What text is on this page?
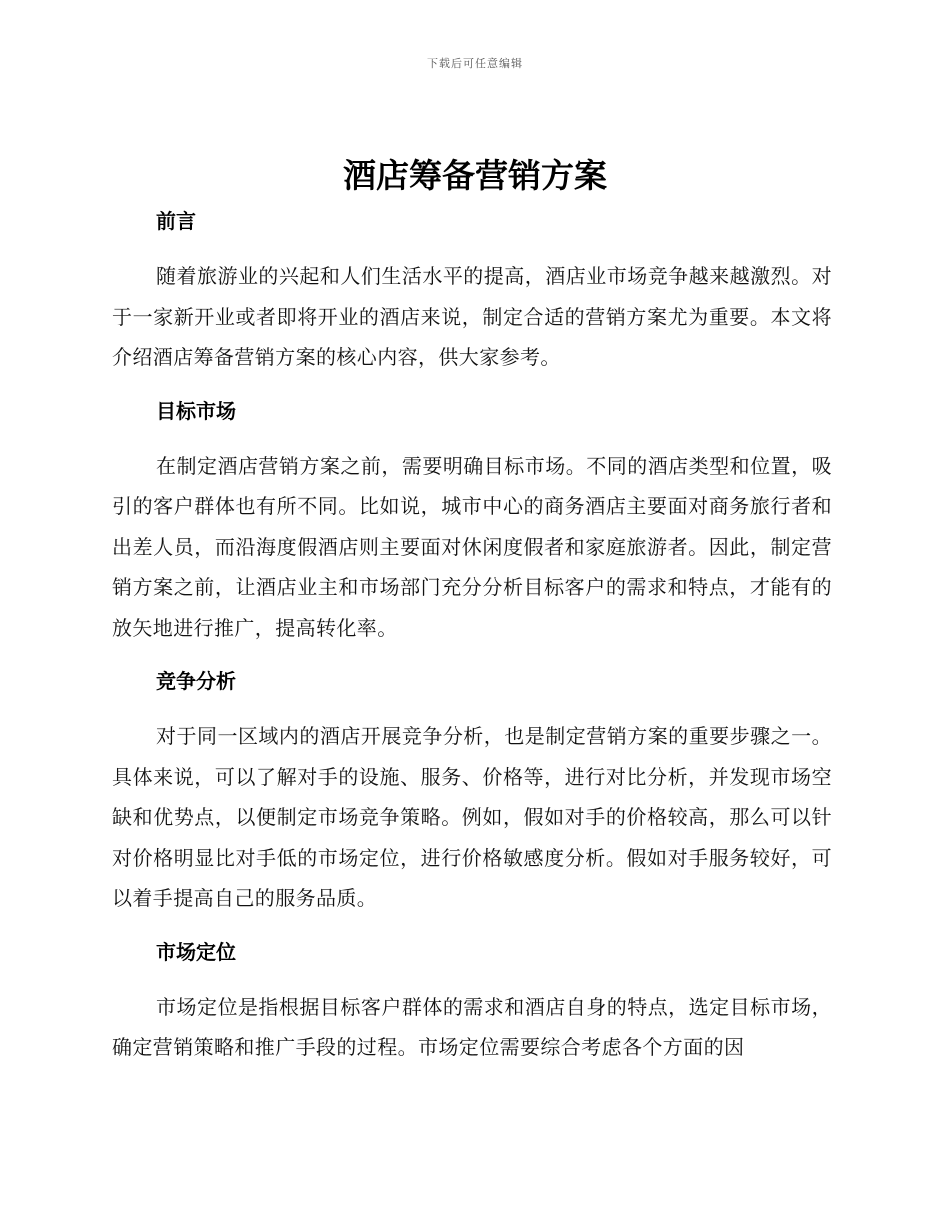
下载后可任意编辑
酒店筹备营销方案
前言

随着旅游业的兴起和人们生活水平的提高，酒店业市场竞争越来越激烈。对于一家新开业或者即将开业的酒店来说，制定合适的营销方案尤为重要。本文将介绍酒店筹备营销方案的核心内容，供大家参考。

目标市场

在制定酒店营销方案之前，需要明确目标市场。不同的酒店类型和位置，吸引的客户群体也有所不同。比如说，城市中心的商务酒店主要面对商务旅行者和出差人员，而沿海度假酒店则主要面对休闲度假者和家庭旅游者。因此，制定营销方案之前，让酒店业主和市场部门充分分析目标客户的需求和特点，才能有的放矢地进行推广，提高转化率。

竞争分析

对于同一区域内的酒店开展竞争分析，也是制定营销方案的重要步骤之一。具体来说，可以了解对手的设施、服务、价格等，进行对比分析，并发现市场空缺和优势点，以便制定市场竞争策略。例如，假如对手的价格较高，那么可以针对价格明显比对手低的市场定位，进行价格敏感度分析。假如对手服务较好，可以着手提高自己的服务品质。

市场定位

市场定位是指根据目标客户群体的需求和酒店自身的特点，选定目标市场，确定营销策略和推广手段的过程。市场定位需要综合考虑各个方面的因
